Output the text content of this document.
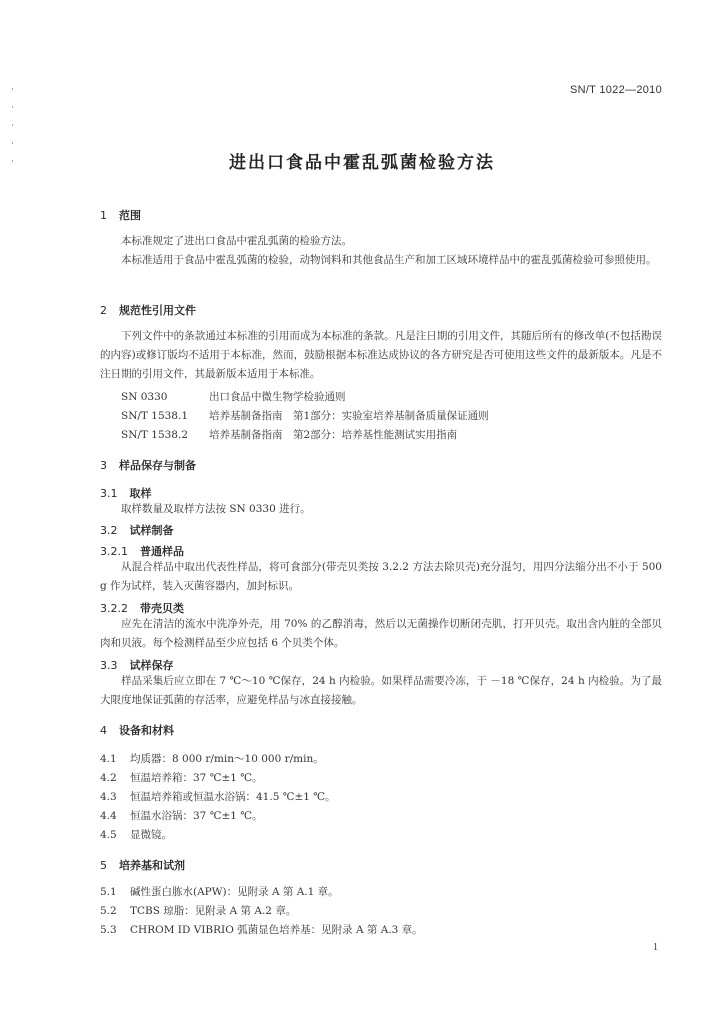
SN/T 1022—2010
进出口食品中霍乱弧菌检验方法
1 范围

本标准规定了进出口食品中霍乱弧菌的检验方法。

本标准适用于食品中霍乱弧菌的检验，动物饲料和其他食品生产和加工区域环境样品中的霍乱弧菌检验可参照使用。

2 规范性引用文件

下列文件中的条款通过本标准的引用而成为本标准的条款。凡是注日期的引用文件，其随后所有的修改单(不包括勘误的内容)或修订版均不适用于本标准，然而，鼓励根据本标准达成协议的各方研究是否可使用这些文件的最新版本。凡是不注日期的引用文件，其最新版本适用于本标准。

SN 0330	出口食品中微生物学检验通则
SN/T 1538.1 培养基制备指南　第1部分：实验室培养基制备质量保证通则
SN/T 1538.2 培养基制备指南　第2部分：培养基性能测试实用指南
3 样品保存与制备
3.1 取样

取样数量及取样方法按 SN 0330 进行。

3.2 试样制备
3.2.1 普通样品

从混合样品中取出代表性样品，将可食部分(带壳贝类按 3.2.2 方法去除贝壳)充分混匀，用四分法缩分出不小于 500 g 作为试样，装入灭菌容器内，加封标识。

3.2.2 带壳贝类

应先在清洁的流水中洗净外壳，用 70% 的乙醇消毒，然后以无菌操作切断闭壳肌，打开贝壳。取出含内脏的全部贝肉和贝液。每个检测样品至少应包括 6 个贝类个体。

3.3 试样保存

样品采集后应立即在 7 ℃～10 ℃保存，24 h 内检验。如果样品需要冷冻，于 －18 ℃保存，24 h 内检验。为了最大限度地保证弧菌的存活率，应避免样品与冰直接接触。

4 设备和材料
4.1 均质器：8 000 r/min～10 000 r/min。
4.2 恒温培养箱：37 ℃±1 ℃。
4.3 恒温培养箱或恒温水浴锅：41.5 ℃±1 ℃。
4.4 恒温水浴锅：37 ℃±1 ℃。
4.5 显微镜。
5 培养基和试剂
5.1 碱性蛋白胨水(APW)：见附录 A 第 A.1 章。
5.2 TCBS 琼脂：见附录 A 第 A.2 章。
5.3 CHROM ID VIBRIO 弧菌显色培养基：见附录 A 第 A.3 章。
1
